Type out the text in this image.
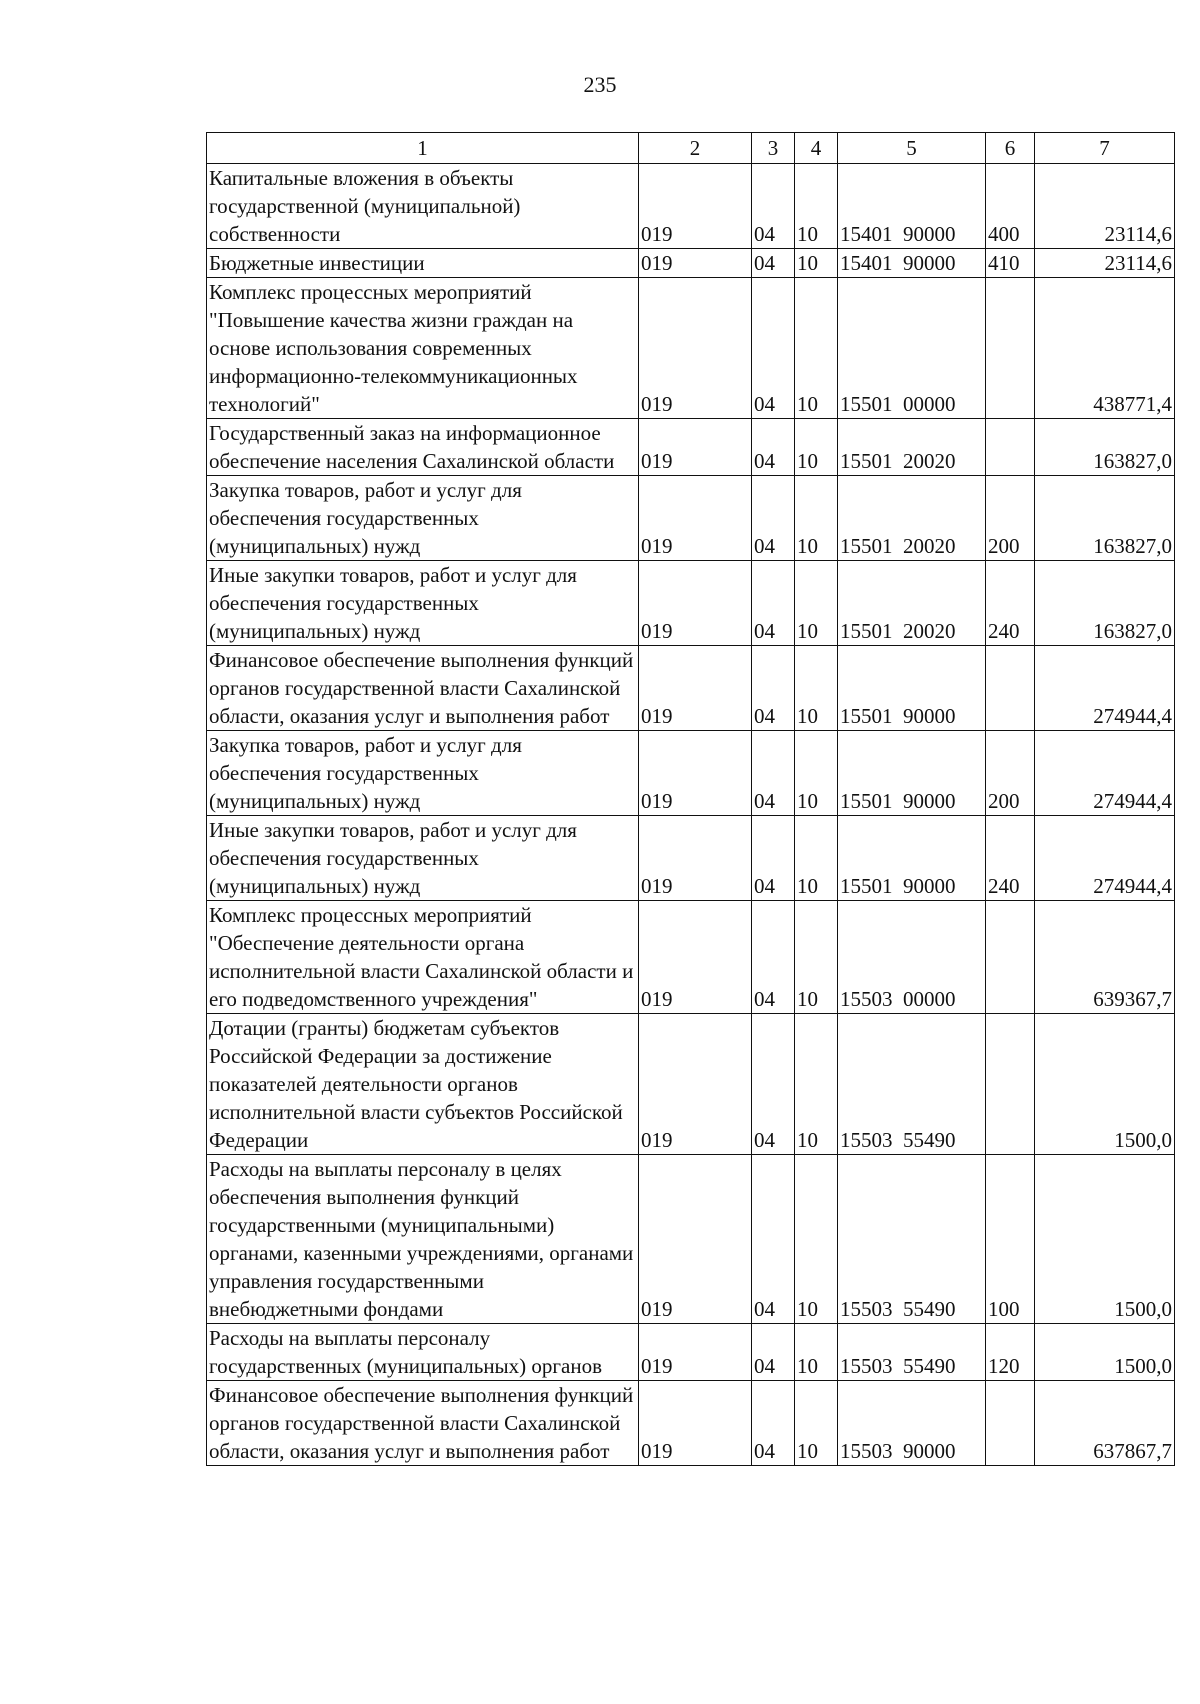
235
1	2	3	4	5	6	7
Капитальные вложения в объекты государственной (муниципальной) собственности	019	04	10	15401  90000	400	23114,6
Бюджетные инвестиции	019	04	10	15401  90000	410	23114,6
Комплекс процессных мероприятий "Повышение качества жизни граждан на основе использования современных информационно-телекоммуникационных технологий"	019	04	10	15501  00000		438771,4
Государственный заказ на информационное обеспечение населения Сахалинской области	019	04	10	15501  20020		163827,0
Закупка товаров, работ и услуг для обеспечения государственных (муниципальных) нужд	019	04	10	15501  20020	200	163827,0
Иные закупки товаров, работ и услуг для обеспечения государственных (муниципальных) нужд	019	04	10	15501  20020	240	163827,0
Финансовое обеспечение выполнения функций органов государственной власти Сахалинской области, оказания услуг и выполнения работ	019	04	10	15501  90000		274944,4
Закупка товаров, работ и услуг для обеспечения государственных (муниципальных) нужд	019	04	10	15501  90000	200	274944,4
Иные закупки товаров, работ и услуг для обеспечения государственных (муниципальных) нужд	019	04	10	15501  90000	240	274944,4
Комплекс процессных мероприятий "Обеспечение деятельности органа исполнительной власти Сахалинской области и его подведомственного учреждения"	019	04	10	15503  00000		639367,7
Дотации (гранты) бюджетам субъектов Российской Федерации за достижение показателей деятельности органов исполнительной власти субъектов Российской Федерации	019	04	10	15503  55490		1500,0
Расходы на выплаты персоналу в целях обеспечения выполнения функций государственными (муниципальными) органами, казенными учреждениями, органами управления государственными внебюджетными фондами	019	04	10	15503  55490	100	1500,0
Расходы на выплаты персоналу государственных (муниципальных) органов	019	04	10	15503  55490	120	1500,0
Финансовое обеспечение выполнения функций органов государственной власти Сахалинской области, оказания услуг и выполнения работ	019	04	10	15503  90000		637867,7
